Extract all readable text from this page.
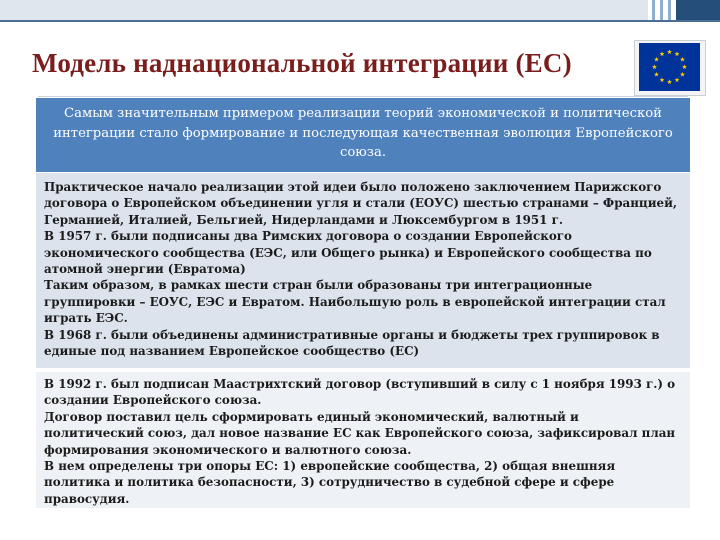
Модель наднациональной интеграции (ЕС)

Самым значительным примером реализации теорий экономической и политической интеграции стало формирование и последующая качественная эволюция Европейского союза.

Практическое начало реализации этой идеи было положено заключением Парижского договора о Европейском объединении угля и стали (ЕОУС) шестью странами – Францией, Германией, Италией, Бельгией, Нидерландами и Люксембургом в 1951 г.

В 1957 г. были подписаны два Римских договора о создании Европейского экономического сообщества (ЕЭС, или Общего рынка) и Европейского сообщества по атомной энергии (Евратома)

Таким образом, в рамках шести стран были образованы три интеграционные группировки – ЕОУС, ЕЭС и Евратом. Наибольшую роль в европейской интеграции стал играть ЕЭС.

В 1968 г. были объединены административные органы и бюджеты трех группировок в единые под названием Европейское сообщество (ЕС)

В 1992 г. был подписан Маастрихтский договор (вступивший в силу с 1 ноября 1993 г.) о создании Европейского союза.

Договор поставил цель сформировать единый экономический, валютный и политический союз, дал новое название ЕС как Европейского союза, зафиксировал план формирования экономического и валютного союза.

В нем определены три опоры ЕС: 1) европейские сообщества, 2) общая внешняя политика и политика безопасности, 3) сотрудничество в судебной сфере и сфере правосудия.
